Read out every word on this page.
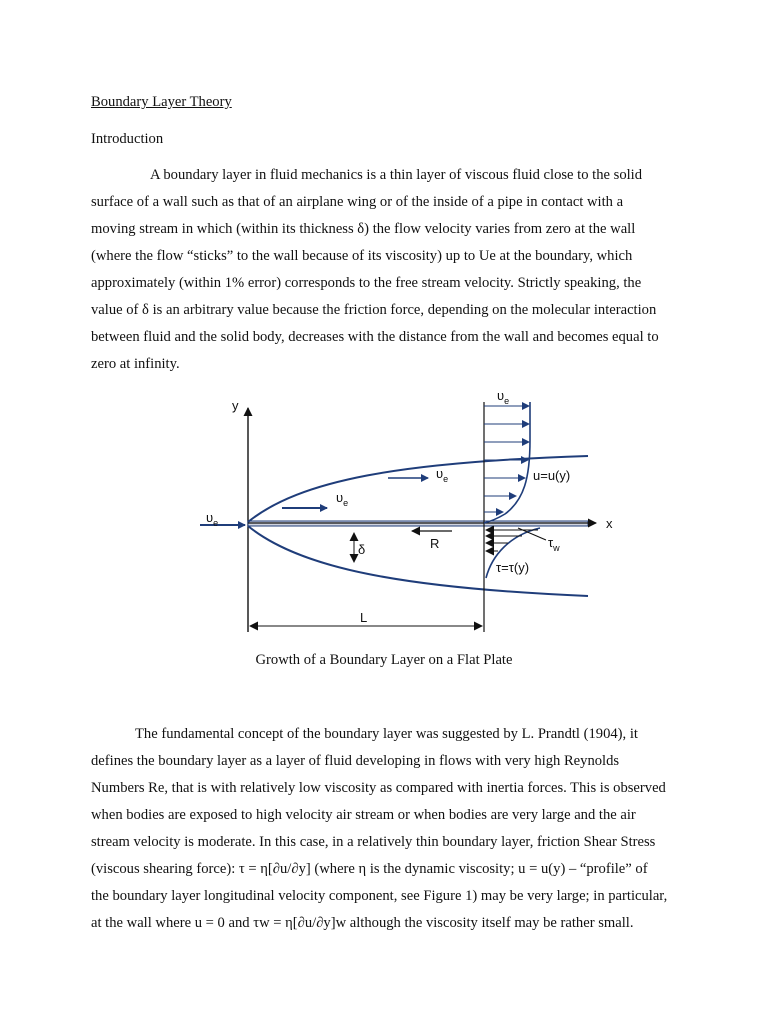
Boundary Layer Theory

Introduction

A boundary layer in fluid mechanics is a thin layer of viscous fluid close to the solid

surface of a wall such as that of an airplane wing or of the inside of a pipe in contact with a

moving stream in which (within its thickness δ) the flow velocity varies from zero at the wall

(where the flow “sticks” to the wall because of its viscosity) up to Ue at the boundary, which

approximately (within 1% error) corresponds to the free stream velocity. Strictly speaking, the

value of δ is an arbitrary value because the friction force, depending on the molecular interaction

between fluid and the solid body, decreases with the distance from the wall and becomes equal to

zero at infinity.

y
x
$\upsilon_e$
$\upsilon_e$
$\upsilon_e$
$\upsilon_e$
u=u(y)
$\tau_w$
τ=τ(y)
R
δ
L
Growth of a Boundary Layer on a Flat Plate

The fundamental concept of the boundary layer was suggested by L. Prandtl (1904), it

defines the boundary layer as a layer of fluid developing in flows with very high Reynolds

Numbers Re, that is with relatively low viscosity as compared with inertia forces. This is observed

when bodies are exposed to high velocity air stream or when bodies are very large and the air

stream velocity is moderate. In this case, in a relatively thin boundary layer, friction Shear Stress

(viscous shearing force): τ = η[∂u/∂y] (where η is the dynamic viscosity; u = u(y) – “profile” of

the boundary layer longitudinal velocity component, see Figure 1) may be very large; in particular,

at the wall where u = 0 and τw = η[∂u/∂y]w although the viscosity itself may be rather small.
